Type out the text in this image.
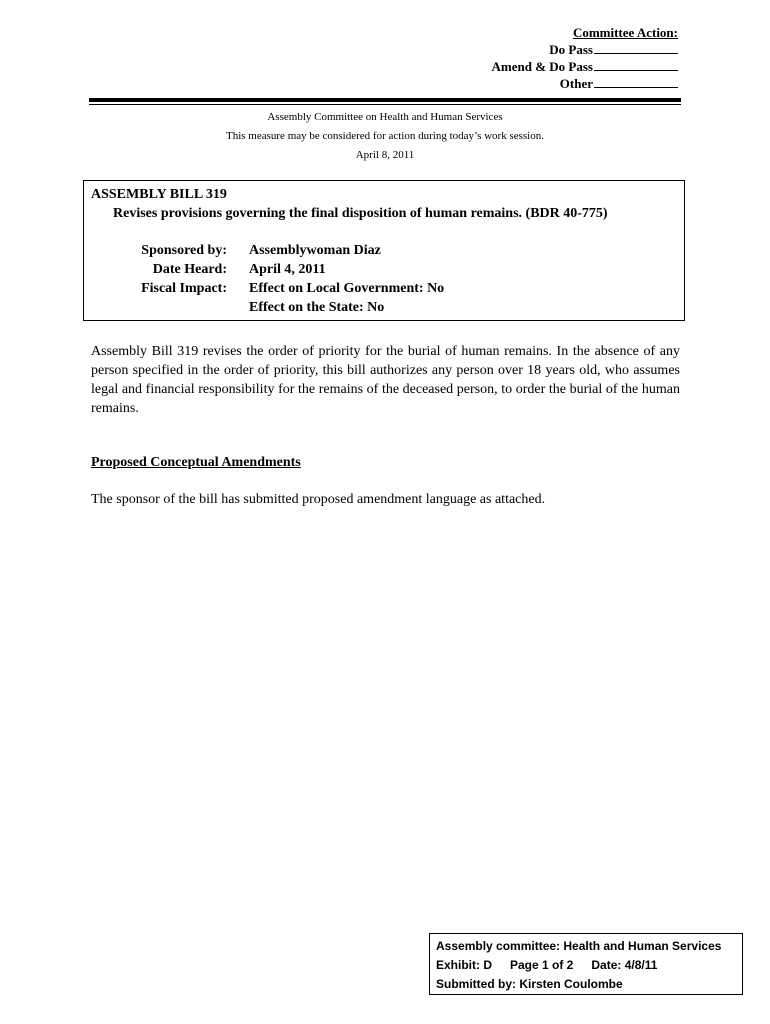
Committee Action:
Do Pass
Amend & Do Pass
Other
Assembly Committee on Health and Human Services
This measure may be considered for action during today’s work session.
April 8, 2011
ASSEMBLY BILL 319
Revises provisions governing the final disposition of human remains. (BDR 40-775)
Sponsored by: Assemblywoman Diaz
Date Heard: April 4, 2011
Fiscal Impact: Effect on Local Government: No
Effect on the State: No
Assembly Bill 319 revises the order of priority for the burial of human remains. In the absence of any person specified in the order of priority, this bill authorizes any person over 18 years old, who assumes legal and financial responsibility for the remains of the deceased person, to order the burial of the human remains.
Proposed Conceptual Amendments
The sponsor of the bill has submitted proposed amendment language as attached.
Assembly committee: Health and Human Services
Exhibit: D Page 1 of 2 Date: 4/8/11
Submitted by: Kirsten Coulombe
